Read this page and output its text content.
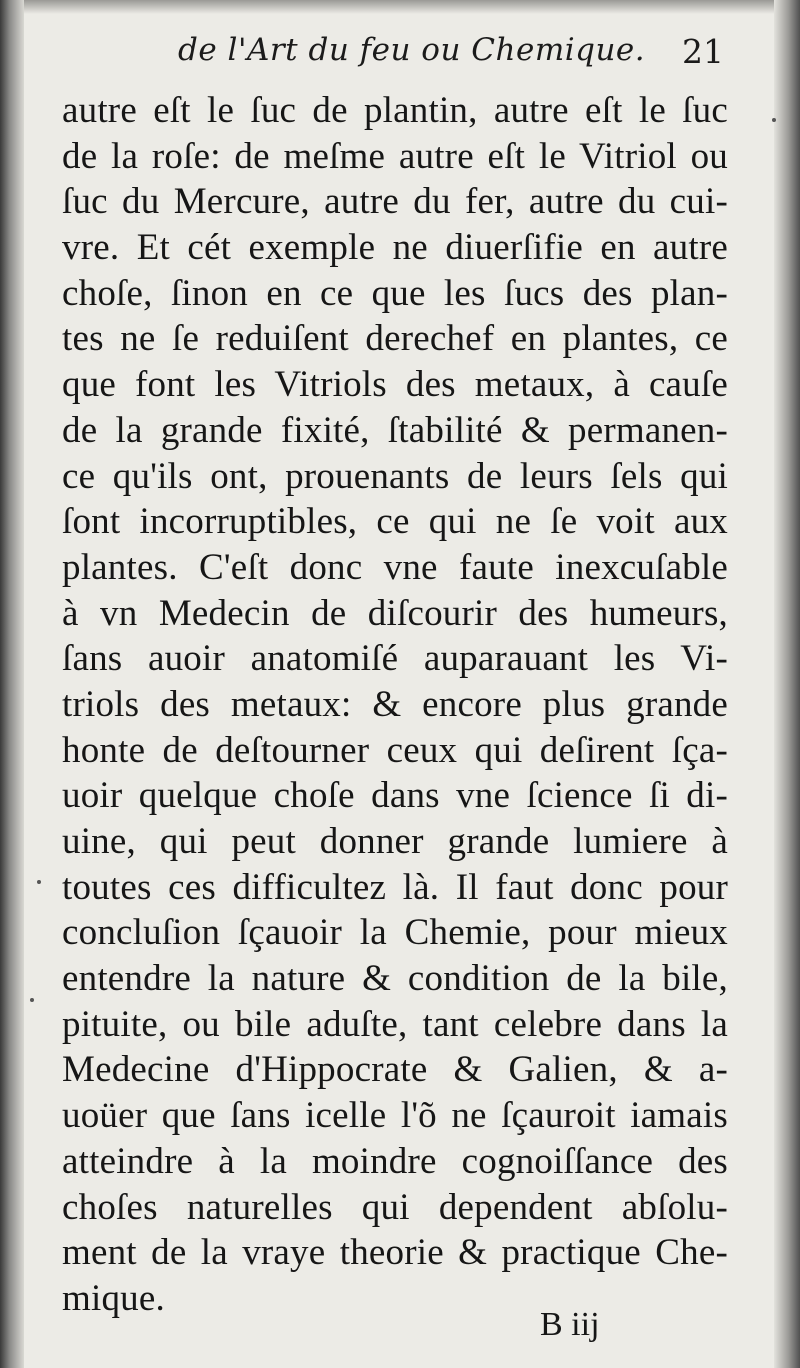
de l'Art du feu ou Chemique. 21
autre eſt le ſuc de plantin, autre eſt le ſuc
de la roſe: de meſme autre eſt le Vitriol ou
ſuc du Mercure, autre du fer, autre du cui-
vre. Et cét exemple ne diuerſifie en autre
choſe, ſinon en ce que les ſucs des plan-
tes ne ſe reduiſent derechef en plantes, ce
que font les Vitriols des metaux, à cauſe
de la grande fixité, ſtabilité & permanen-
ce qu'ils ont, prouenants de leurs ſels qui
ſont incorruptibles, ce qui ne ſe voit aux
plantes. C'eſt donc vne faute inexcuſable
à vn Medecin de diſcourir des humeurs,
ſans auoir anatomiſé auparauant les Vi-
triols des metaux: & encore plus grande
honte de deſtourner ceux qui deſirent ſça-
uoir quelque choſe dans vne ſcience ſi di-
uine, qui peut donner grande lumiere à
toutes ces difficultez là. Il faut donc pour
concluſion ſçauoir la Chemie, pour mieux
entendre la nature & condition de la bile,
pituite, ou bile aduſte, tant celebre dans la
Medecine d'Hippocrate & Galien, & a-
uoüer que ſans icelle l'õ ne ſçauroit iamais
atteindre à la moindre cognoiſſance des
choſes naturelles qui dependent abſolu-
ment de la vraye theorie & practique Che-
mique.
B iij
